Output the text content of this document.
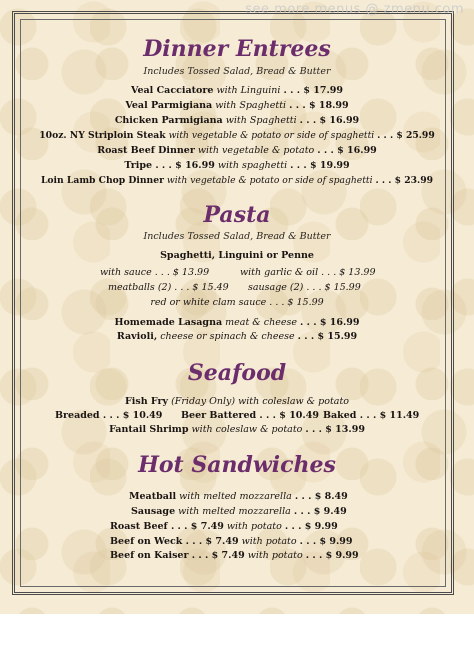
see more menus @ zmenu.com
Dinner Entrees
Includes Tossed Salad, Bread & Butter
Veal Cacciatore with Linguini . . . $ 17.99
Veal Parmigiana with Spaghetti . . . $ 18.99
Chicken Parmigiana with Spaghetti . . . $ 16.99
10oz. NY Striploin Steak with vegetable & potato or side of spaghetti . . . $ 25.99
Roast Beef Dinner with vegetable & potato . . . $ 16.99
Tripe . . . $ 16.99 with spaghetti . . . $ 19.99
Loin Lamb Chop Dinner with vegetable & potato or side of spaghetti . . . $ 23.99
Pasta
Includes Tossed Salad, Bread & Butter
Spaghetti, Linguini or Penne
with sauce . . . $ 13.99	with garlic & oil . . . $ 13.99
meatballs (2) . . . $ 15.49 sausage (2) . . . $ 15.99
red or white clam sauce . . . $ 15.99
Homemade Lasagna meat & cheese . . . $ 16.99
Ravioli, cheese or spinach & cheese . . . $ 15.99
Seafood
Fish Fry (Friday Only) with coleslaw & potato
Breaded . . . $ 10.49 Beer Battered . . . $ 10.49 Baked . . . $ 11.49
Fantail Shrimp with coleslaw & potato . . . $ 13.99
Hot Sandwiches
Meatball with melted mozzarella . . . $ 8.49
Sausage with melted mozzarella . . . $ 9.49
Roast Beef . . . $ 7.49 with potato . . . $ 9.99
Beef on Weck . . . $ 7.49 with potato . . . $ 9.99
Beef on Kaiser . . . $ 7.49 with potato . . . $ 9.99
